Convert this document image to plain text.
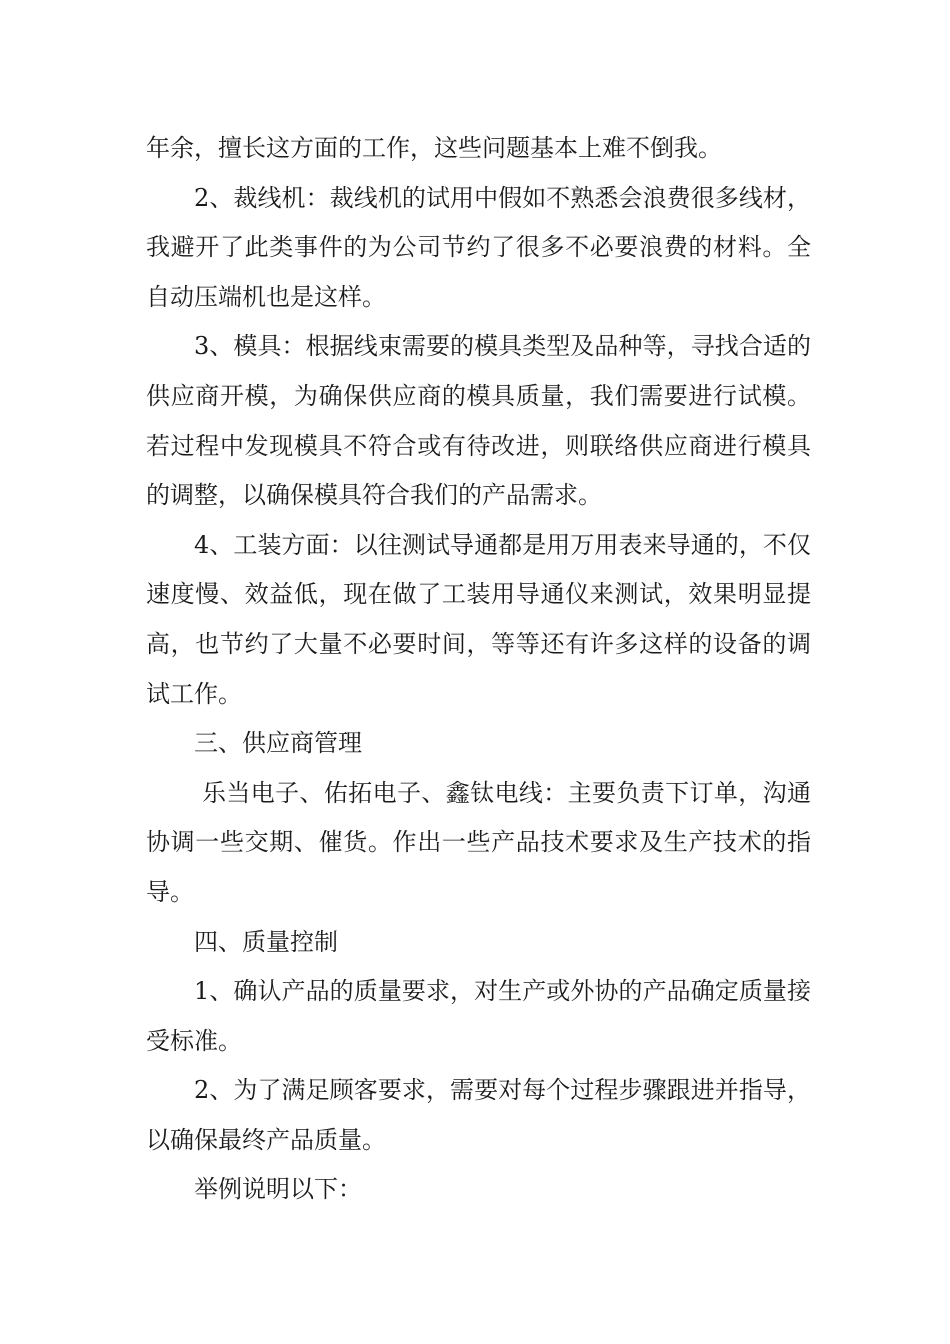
年余，擅长这方面的工作，这些问题基本上难不倒我。

2、裁线机：裁线机的试用中假如不熟悉会浪费很多线材，我避开了此类事件的为公司节约了很多不必要浪费的材料。全自动压端机也是这样。

3、模具：根据线束需要的模具类型及品种等，寻找合适的供应商开模，为确保供应商的模具质量，我们需要进行试模。若过程中发现模具不符合或有待改进，则联络供应商进行模具的调整，以确保模具符合我们的产品需求。

4、工装方面：以往测试导通都是用万用表来导通的，不仅速度慢、效益低，现在做了工装用导通仪来测试，效果明显提高，也节约了大量不必要时间，等等还有许多这样的设备的调试工作。

三、供应商管理

乐当电子、佑拓电子、鑫钛电线：主要负责下订单，沟通协调一些交期、催货。作出一些产品技术要求及生产技术的指导。

四、质量控制

1、确认产品的质量要求，对生产或外协的产品确定质量接受标准。

2、为了满足顾客要求，需要对每个过程步骤跟进并指导，以确保最终产品质量。

举例说明以下：
